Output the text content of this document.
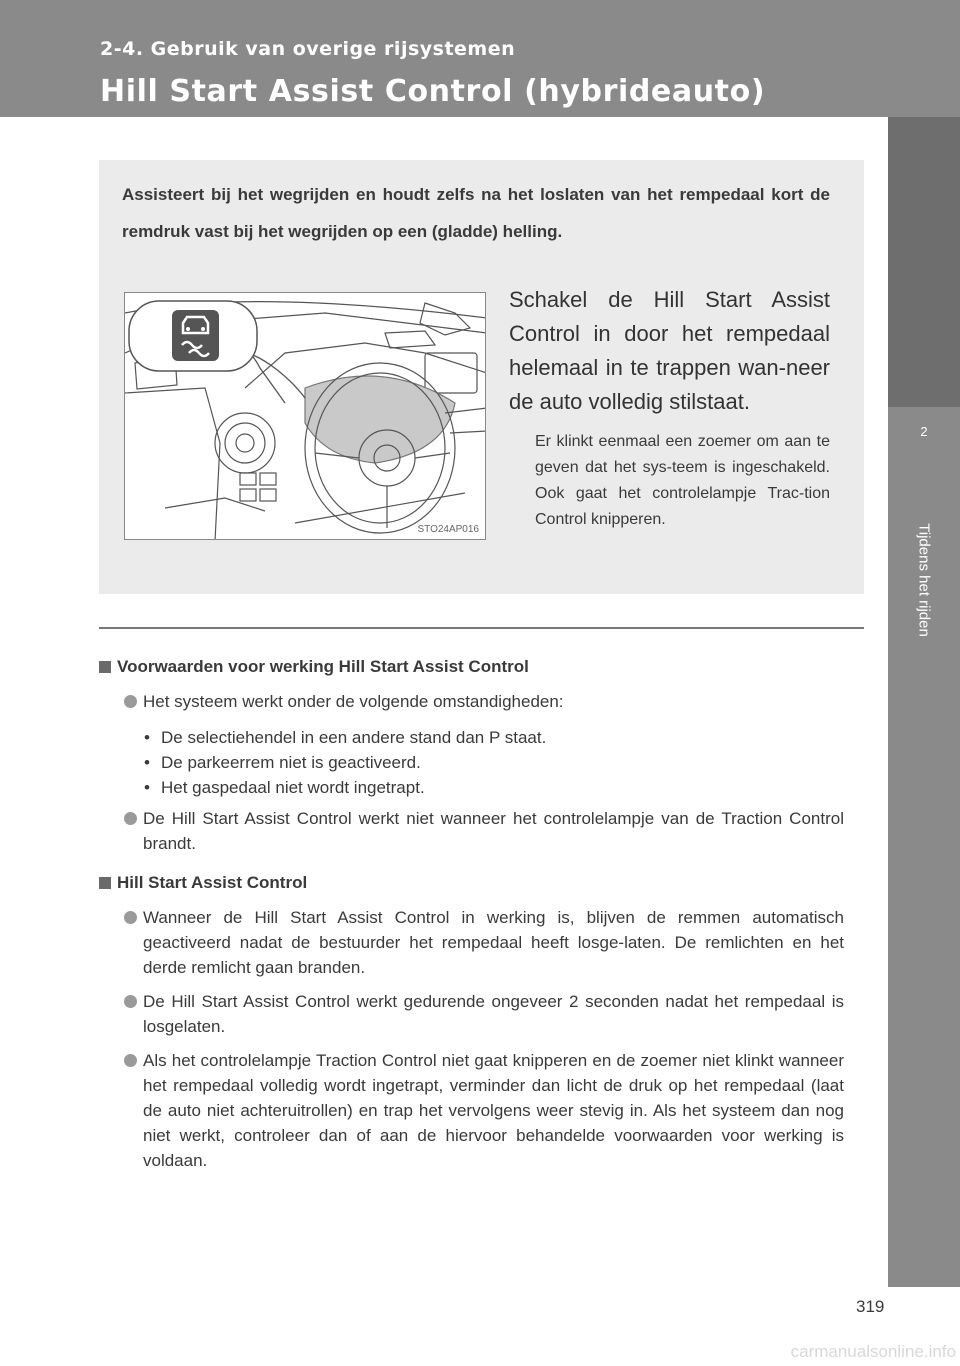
2-4. Gebruik van overige rijsystemen
Hill Start Assist Control (hybrideauto)
2
Tijdens het rijden
Assisteert bij het wegrijden en houdt zelfs na het loslaten van het rempedaal kort de remdruk vast bij het wegrijden op een (gladde) helling.
STO24AP016
Schakel de Hill Start Assist Control in door het rempedaal helemaal in te trappen wan-neer de auto volledig stilstaat.
Er klinkt eenmaal een zoemer om aan te geven dat het sys-teem is ingeschakeld. Ook gaat het controlelampje Trac-tion Control knipperen.
Voorwaarden voor werking Hill Start Assist Control
Het systeem werkt onder de volgende omstandigheden:
• De selectiehendel in een andere stand dan P staat.
• De parkeerrem niet is geactiveerd.
• Het gaspedaal niet wordt ingetrapt.
De Hill Start Assist Control werkt niet wanneer het controlelampje van de Traction Control brandt.
Hill Start Assist Control
Wanneer de Hill Start Assist Control in werking is, blijven de remmen automatisch geactiveerd nadat de bestuurder het rempedaal heeft losge-laten. De remlichten en het derde remlicht gaan branden.
De Hill Start Assist Control werkt gedurende ongeveer 2 seconden nadat het rempedaal is losgelaten.
Als het controlelampje Traction Control niet gaat knipperen en de zoemer niet klinkt wanneer het rempedaal volledig wordt ingetrapt, verminder dan licht de druk op het rempedaal (laat de auto niet achteruitrollen) en trap het vervolgens weer stevig in. Als het systeem dan nog niet werkt, controleer dan of aan de hiervoor behandelde voorwaarden voor werking is voldaan.
319
carmanualsonline.info
